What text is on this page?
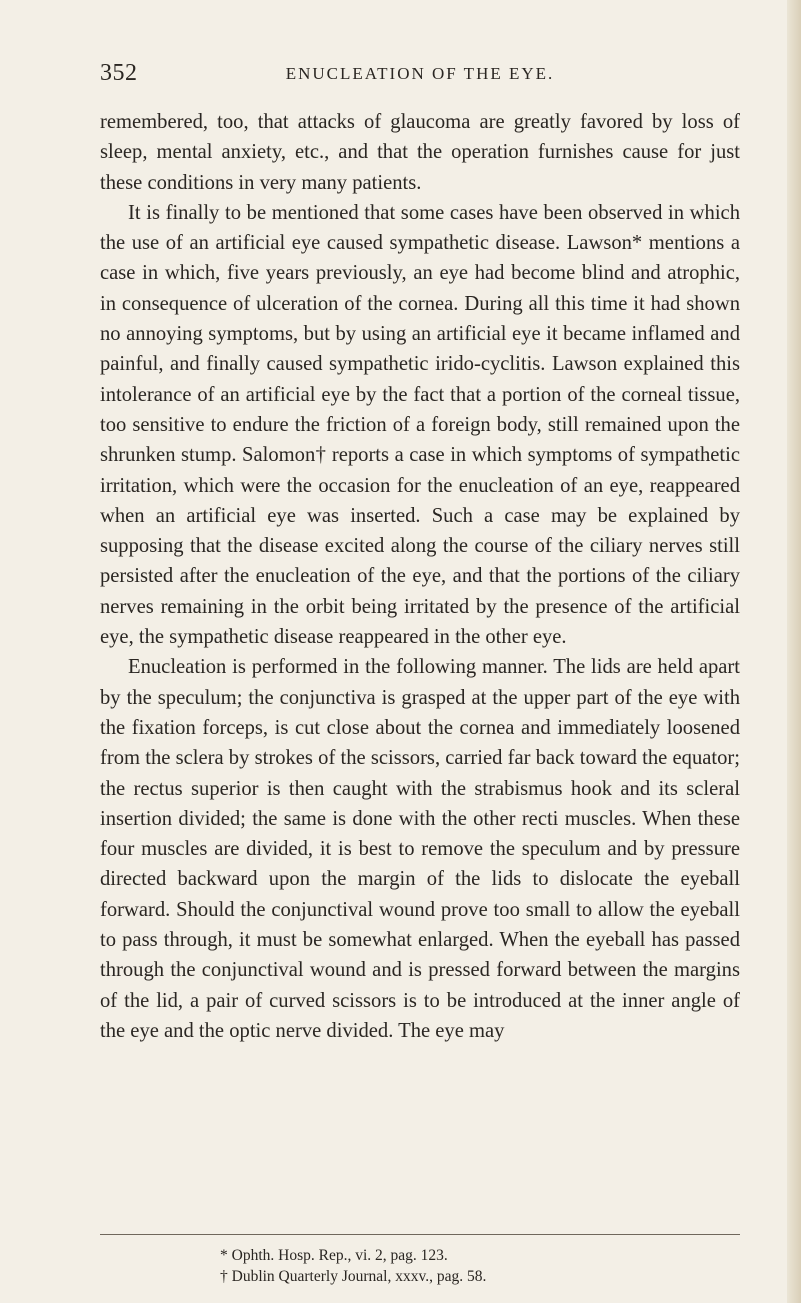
352	ENUCLEATION OF THE EYE.

remembered, too, that attacks of glaucoma are greatly favored by loss of sleep, mental anxiety, etc., and that the operation furnishes cause for just these conditions in very many patients.

It is finally to be mentioned that some cases have been observed in which the use of an artificial eye caused sympathetic disease. Lawson* mentions a case in which, five years previously, an eye had become blind and atrophic, in consequence of ulceration of the cornea. During all this time it had shown no annoying symptoms, but by using an artificial eye it became inflamed and painful, and finally caused sympathetic irido-cyclitis. Lawson explained this intolerance of an artificial eye by the fact that a portion of the corneal tissue, too sensitive to endure the friction of a foreign body, still remained upon the shrunken stump. Salomon† reports a case in which symptoms of sympathetic irritation, which were the occasion for the enucleation of an eye, reappeared when an artificial eye was inserted. Such a case may be explained by supposing that the disease excited along the course of the ciliary nerves still persisted after the enucleation of the eye, and that the portions of the ciliary nerves remaining in the orbit being irritated by the presence of the artificial eye, the sympathetic disease reappeared in the other eye.

Enucleation is performed in the following manner. The lids are held apart by the speculum; the conjunctiva is grasped at the upper part of the eye with the fixation forceps, is cut close about the cornea and immediately loosened from the sclera by strokes of the scissors, carried far back toward the equator; the rectus superior is then caught with the strabismus hook and its scleral insertion divided; the same is done with the other recti muscles. When these four muscles are divided, it is best to remove the speculum and by pressure directed backward upon the margin of the lids to dislocate the eyeball forward. Should the conjunctival wound prove too small to allow the eyeball to pass through, it must be somewhat enlarged. When the eyeball has passed through the conjunctival wound and is pressed forward between the margins of the lid, a pair of curved scissors is to be introduced at the inner angle of the eye and the optic nerve divided. The eye may

* Ophth. Hosp. Rep., vi. 2, pag. 123.
† Dublin Quarterly Journal, xxxv., pag. 58.
